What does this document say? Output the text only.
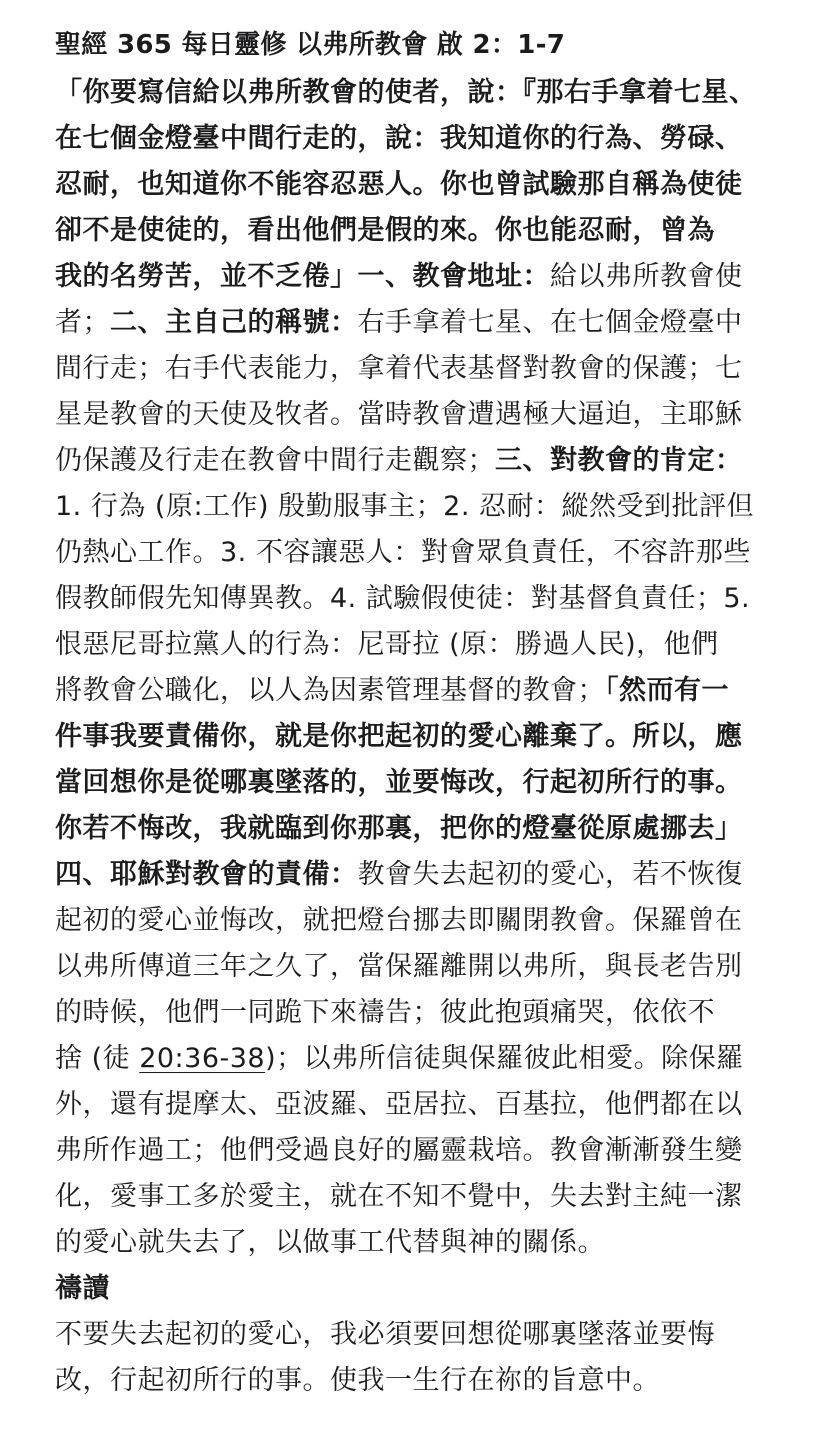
聖經 365 每日靈修 以弗所教會 啟 2：1-7
「你要寫信給以弗所教會的使者，說：『那右手拿着七星、
在七個金燈臺中間行走的，說：我知道你的行為、勞碌、
忍耐，也知道你不能容忍惡人。你也曾試驗那自稱為使徒
卻不是使徒的，看出他們是假的來。你也能忍耐，曾為
我的名勞苦，並不乏倦」一、教會地址：給以弗所教會使
者；二、主自己的稱號：右手拿着七星、在七個金燈臺中
間行走；右手代表能力，拿着代表基督對教會的保護；七
星是教會的天使及牧者。當時教會遭遇極大逼迫，主耶穌
仍保護及行走在教會中間行走觀察；三、對教會的肯定：
1. 行為 (原:工作) 殷勤服事主；2. 忍耐：縱然受到批評但
仍熱心工作。3. 不容讓惡人：對會眾負責任，不容許那些
假教師假先知傳異教。4. 試驗假使徒：對基督負責任；5.
恨惡尼哥拉黨人的行為：尼哥拉 (原：勝過人民)，他們
將教會公職化，以人為因素管理基督的教會；「然而有一
件事我要責備你，就是你把起初的愛心離棄了。所以，應
當回想你是從哪裏墜落的，並要悔改，行起初所行的事。
你若不悔改，我就臨到你那裏，把你的燈臺從原處挪去」
四、耶穌對教會的責備：教會失去起初的愛心，若不恢復
起初的愛心並悔改，就把燈台挪去即關閉教會。保羅曾在
以弗所傳道三年之久了，當保羅離開以弗所，與長老告別
的時候，他們一同跪下來禱告；彼此抱頭痛哭，依依不
捨 (徒 20:36-38)；以弗所信徒與保羅彼此相愛。除保羅
外，還有提摩太、亞波羅、亞居拉、百基拉，他們都在以
弗所作過工；他們受過良好的屬靈栽培。教會漸漸發生變
化，愛事工多於愛主，就在不知不覺中，失去對主純一潔
的愛心就失去了，以做事工代替與神的關係。
禱讀
不要失去起初的愛心，我必須要回想從哪裏墜落並要悔
改，行起初所行的事。使我一生行在祢的旨意中。
